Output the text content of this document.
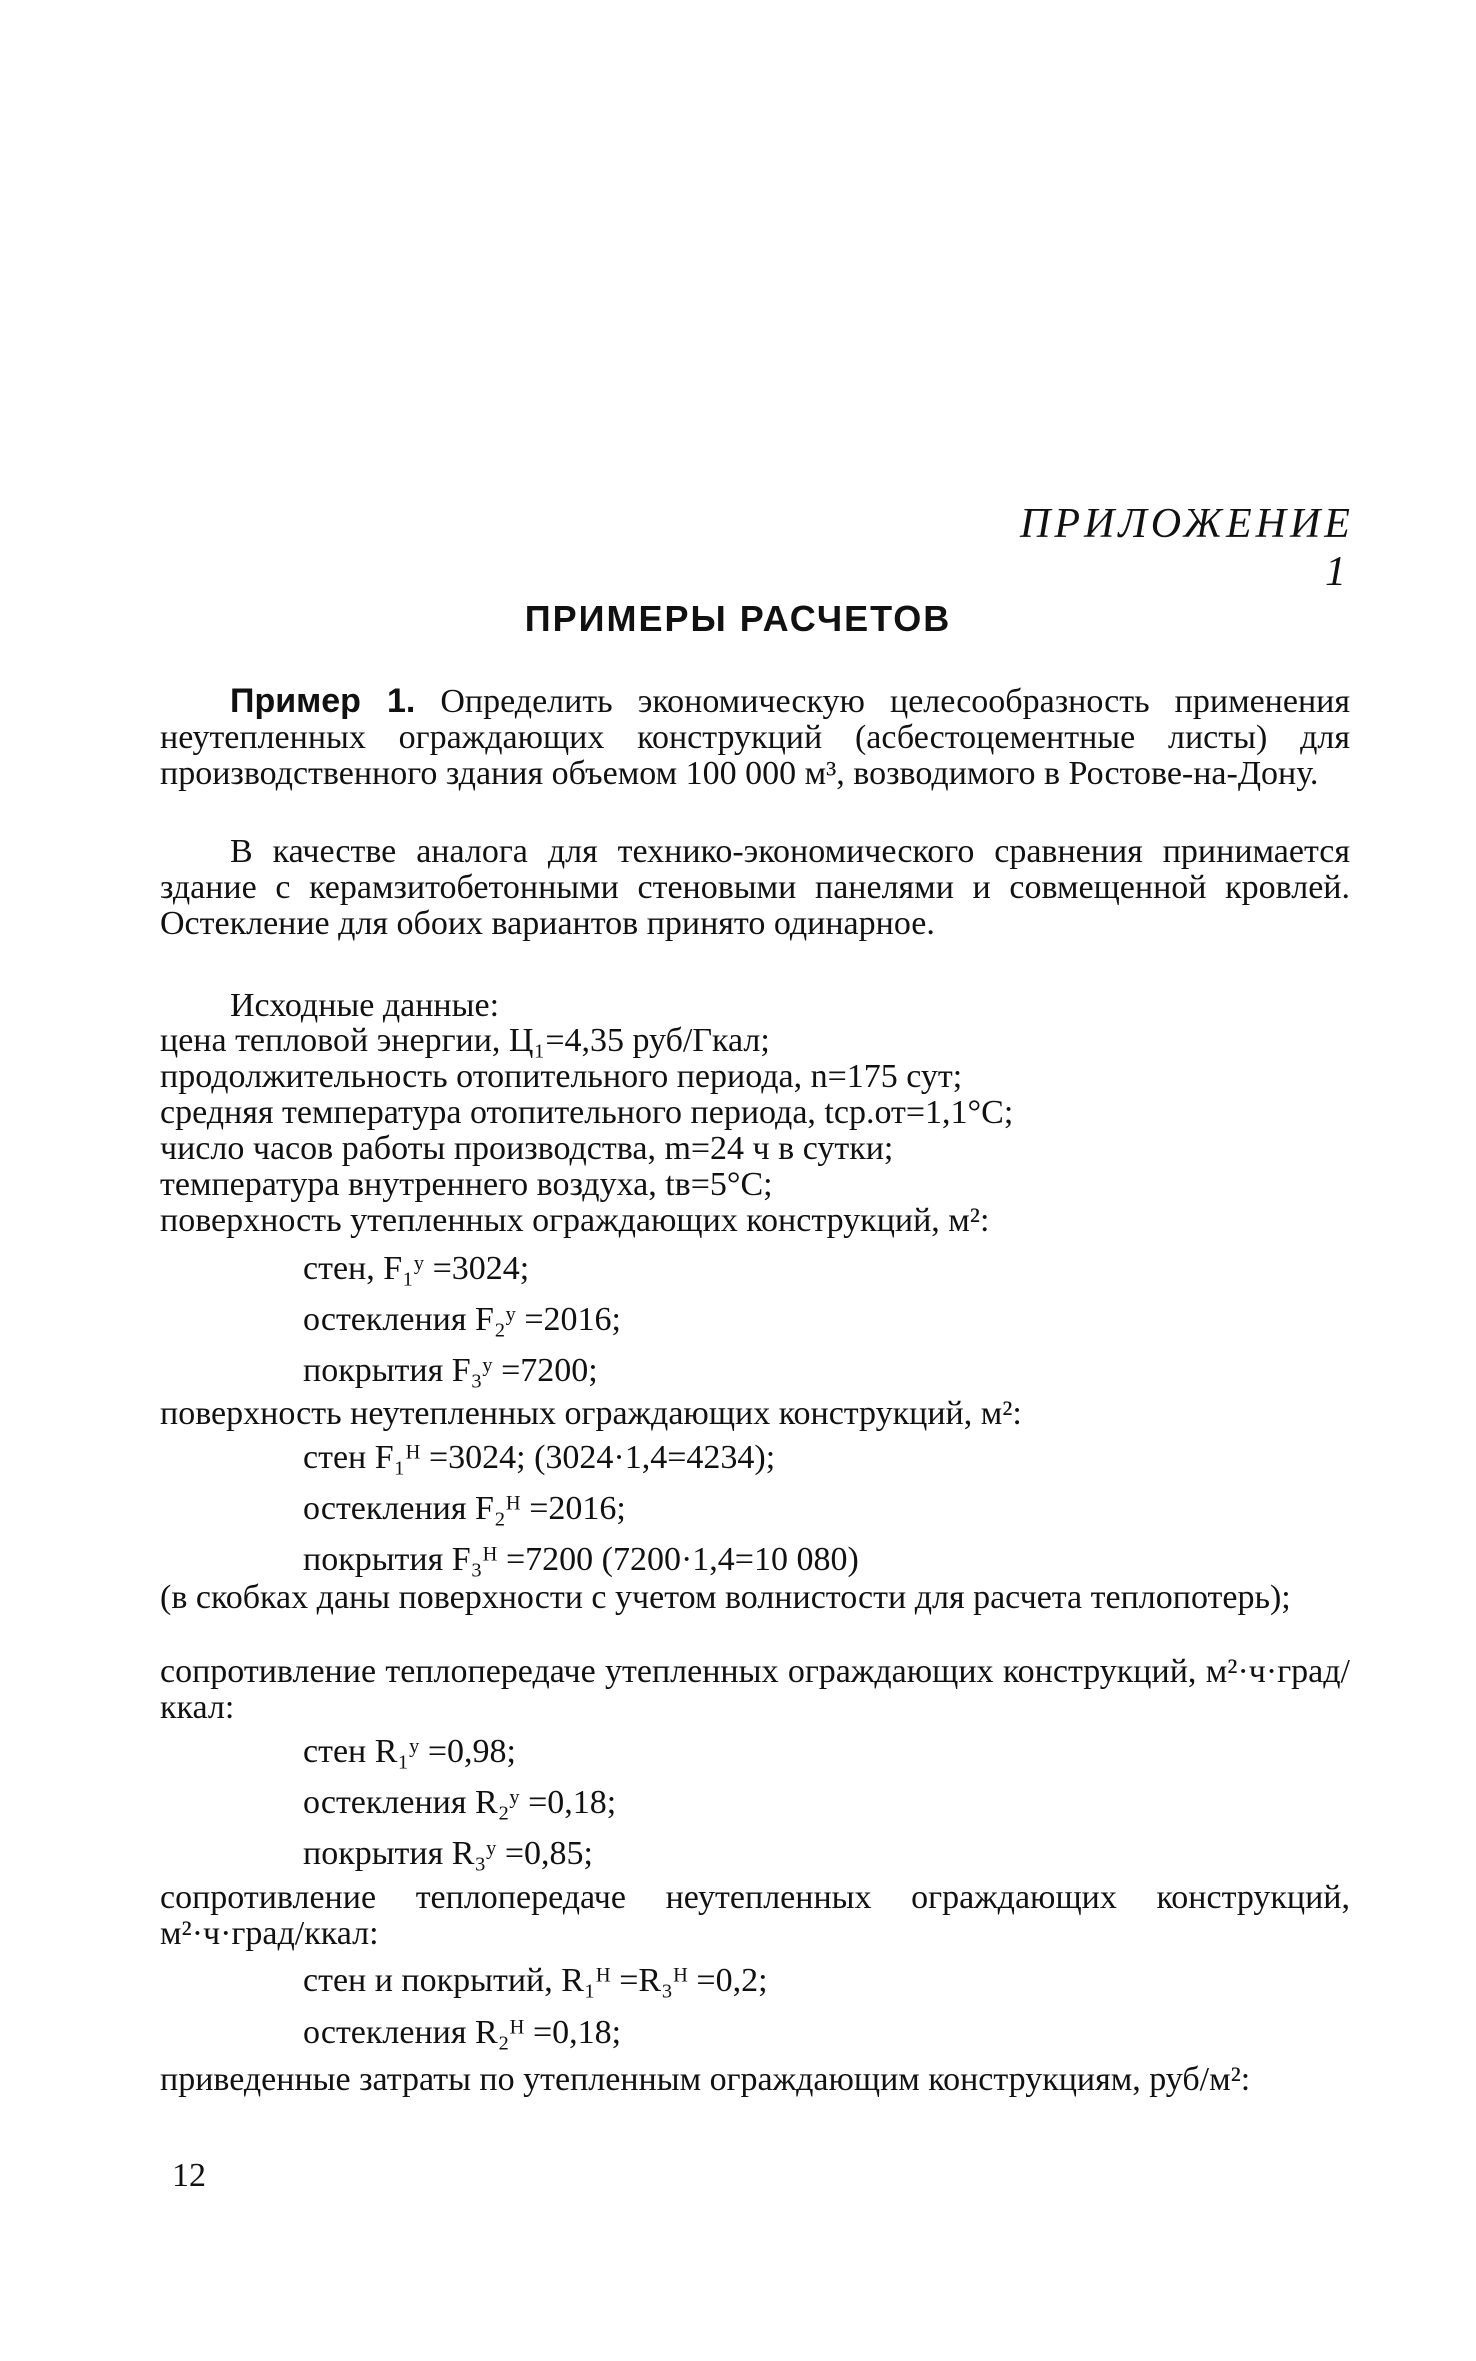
ПРИЛОЖЕНИЕ 1
ПРИМЕРЫ РАСЧЕТОВ
Пример 1. Определить экономическую целесообразность применения неутепленных ограждающих конструкций (асбестоцементные листы) для производственного здания объемом 100 000 м³, возводимого в Ростове-на-Дону.
В качестве аналога для технико-экономического сравнения принимается здание с керамзитобетонными стеновыми панелями и совмещенной кровлей. Остекление для обоих вариантов принято одинарное.
Исходные данные:
цена тепловой энергии, Ц₁=4,35 руб/Гкал;
продолжительность отопительного периода, n=175 сут;
средняя температура отопительного периода, tср.от=1,1°С;
число часов работы производства, m=24 ч в сутки;
температура внутреннего воздуха, tв=5°С;
поверхность утепленных ограждающих конструкций, м²:
стен, F₁ʸ =3024;
остекления F₂ʸ =2016;
покрытия F₃ʸ =7200;
поверхность неутепленных ограждающих конструкций, м²:
стен F₁ᴴ =3024; (3024·1,4=4234);
остекления F₂ᴴ =2016;
покрытия F₃ᴴ =7200 (7200·1,4=10 080)
(в скобках даны поверхности с учетом волнистости для расчета теплопотерь);
сопротивление теплопередаче утепленных ограждающих конструкций, м²·ч·град/ккал:
стен R₁ʸ =0,98;
остекления R₂ʸ =0,18;
покрытия R₃ʸ =0,85;
сопротивление теплопередаче неутепленных ограждающих конструкций, м²·ч·град/ккал:
стен и покрытий, R₁ᴴ =R₃ᴴ =0,2;
остекления R₂ᴴ =0,18;
приведенные затраты по утепленным ограждающим конструкциям, руб/м²:
12
